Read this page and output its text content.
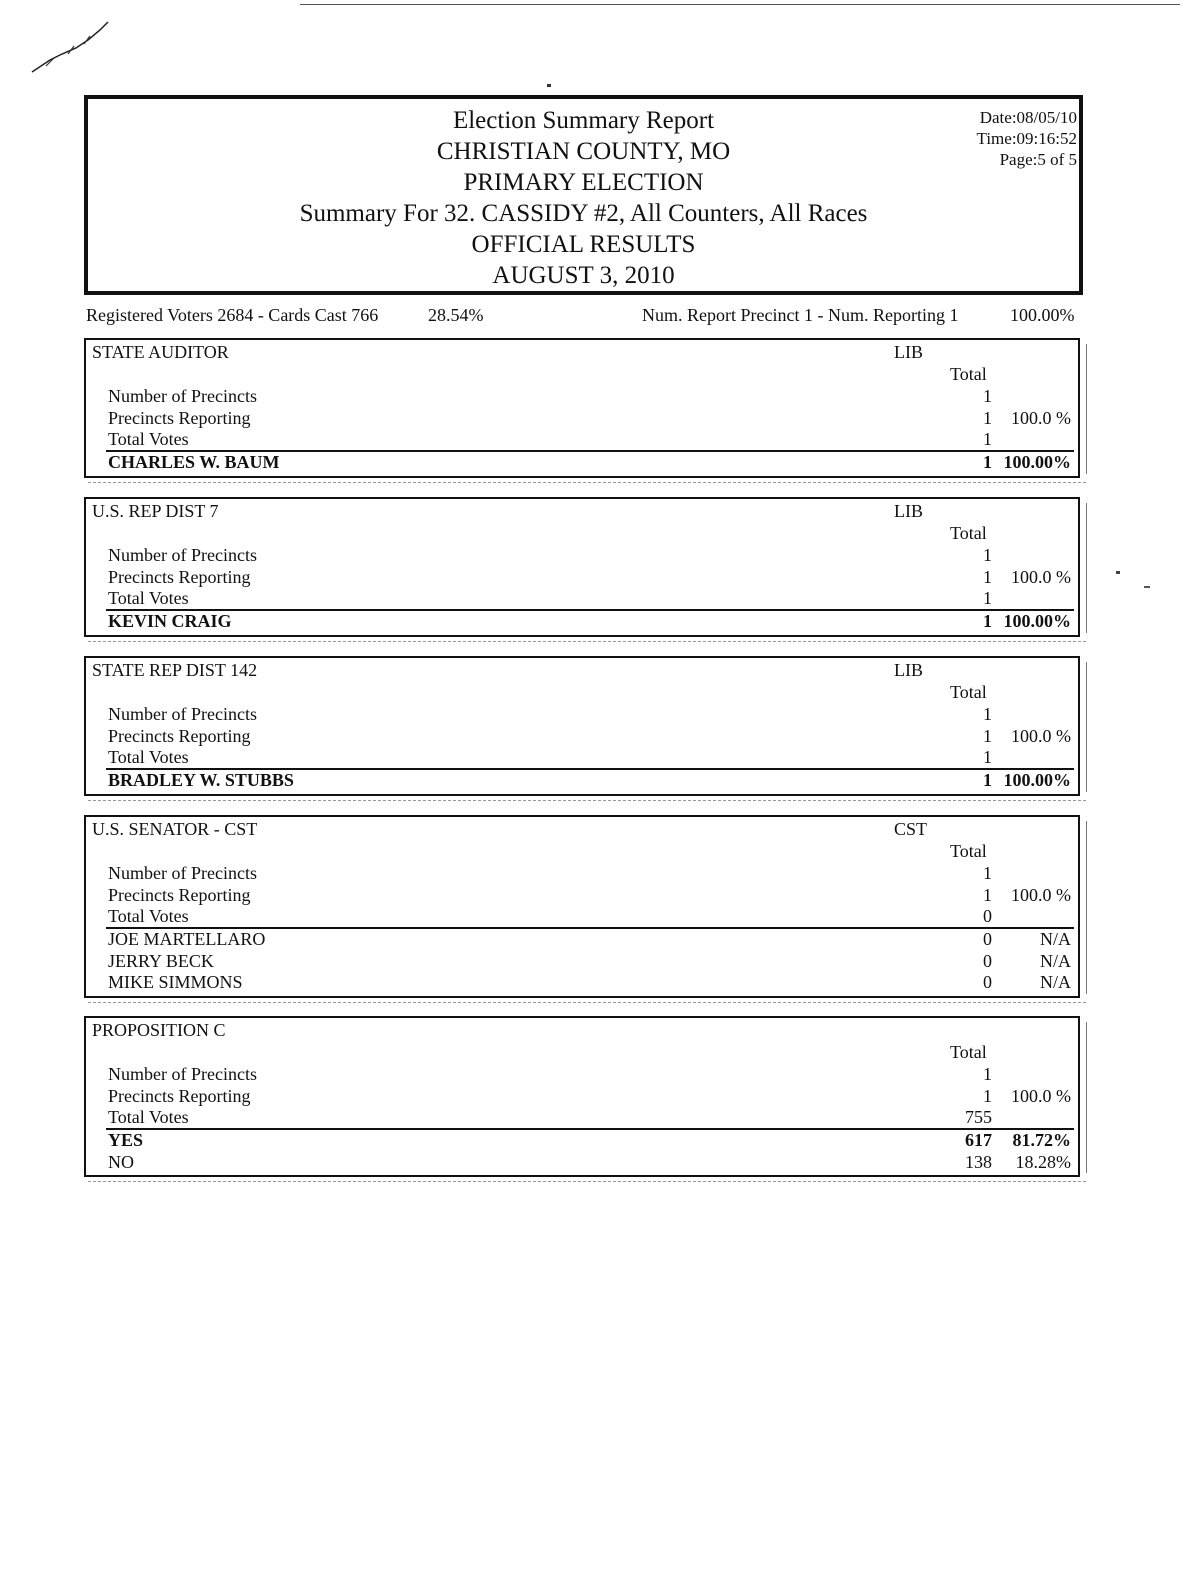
Election Summary Report
CHRISTIAN COUNTY, MO
PRIMARY ELECTION
Summary For 32. CASSIDY #2, All Counters, All Races
OFFICIAL RESULTS
AUGUST 3, 2010
Date:08/05/10
Time:09:16:52
Page:5 of 5
Registered Voters 2684 - Cards Cast 766	28.54%	Num. Report Precinct 1 - Num. Reporting 1	100.00%
STATE AUDITOR	LIB
Total
Number of Precincts	1
Precincts Reporting	1 100.0 %
Total Votes	1
CHARLES W. BAUM	1 100.00%
U.S. REP DIST 7	LIB
Total
Number of Precincts	1
Precincts Reporting	1 100.0 %
Total Votes	1
KEVIN CRAIG	1 100.00%
STATE REP DIST 142	LIB
Total
Number of Precincts	1
Precincts Reporting	1 100.0 %
Total Votes	1
BRADLEY W. STUBBS	1 100.00%
U.S. SENATOR - CST	CST
Total
Number of Precincts	1
Precincts Reporting	1 100.0 %
Total Votes	0
JOE MARTELLARO	0	N/A
JERRY BECK	0	N/A
MIKE SIMMONS	0	N/A
PROPOSITION C
Total
Number of Precincts	1
Precincts Reporting	1 100.0 %
Total Votes	755
YES	617 81.72%
NO	138 18.28%
